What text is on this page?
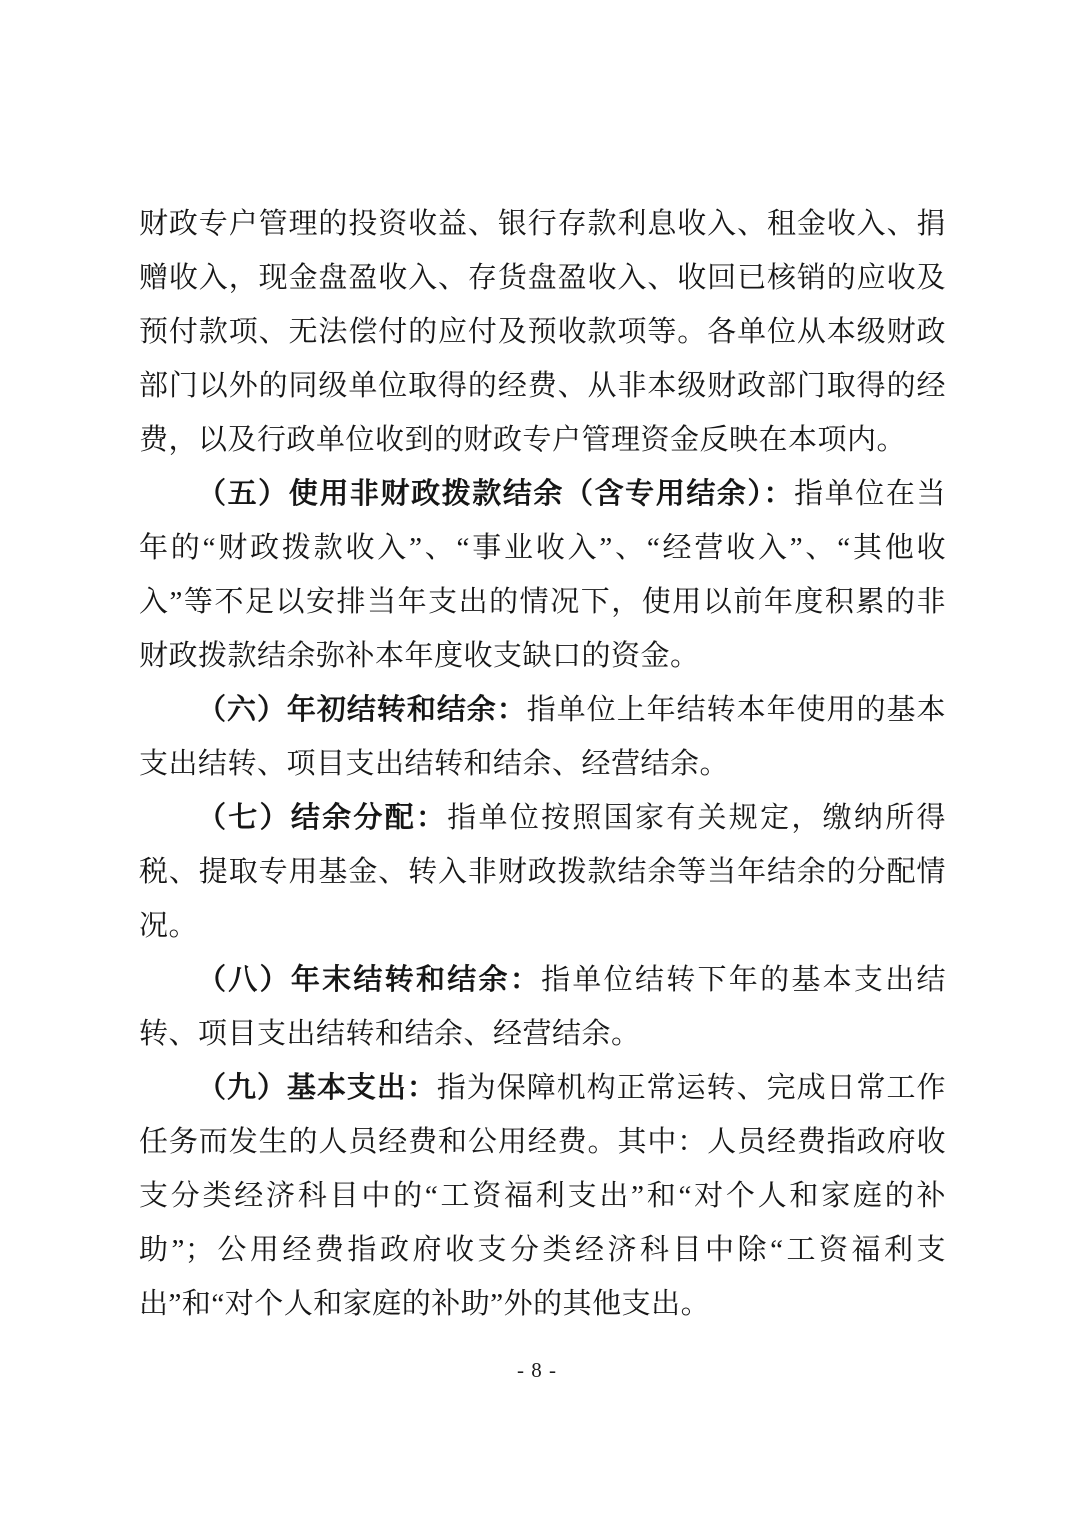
财政专户管理的投资收益、银行存款利息收入、租金收入、捐赠收入，现金盘盈收入、存货盘盈收入、收回已核销的应收及预付款项、无法偿付的应付及预收款项等。各单位从本级财政部门以外的同级单位取得的经费、从非本级财政部门取得的经费，以及行政单位收到的财政专户管理资金反映在本项内。

（五）使用非财政拨款结余（含专用结余）：指单位在当年的“财政拨款收入”、“事业收入”、“经营收入”、“其他收入”等不足以安排当年支出的情况下，使用以前年度积累的非财政拨款结余弥补本年度收支缺口的资金。

（六）年初结转和结余：指单位上年结转本年使用的基本支出结转、项目支出结转和结余、经营结余。

（七）结余分配：指单位按照国家有关规定，缴纳所得税、提取专用基金、转入非财政拨款结余等当年结余的分配情况。

（八）年末结转和结余：指单位结转下年的基本支出结转、项目支出结转和结余、经营结余。

（九）基本支出：指为保障机构正常运转、完成日常工作任务而发生的人员经费和公用经费。其中：人员经费指政府收支分类经济科目中的“工资福利支出”和“对个人和家庭的补助”；公用经费指政府收支分类经济科目中除“工资福利支出”和“对个人和家庭的补助”外的其他支出。

- 8 -
